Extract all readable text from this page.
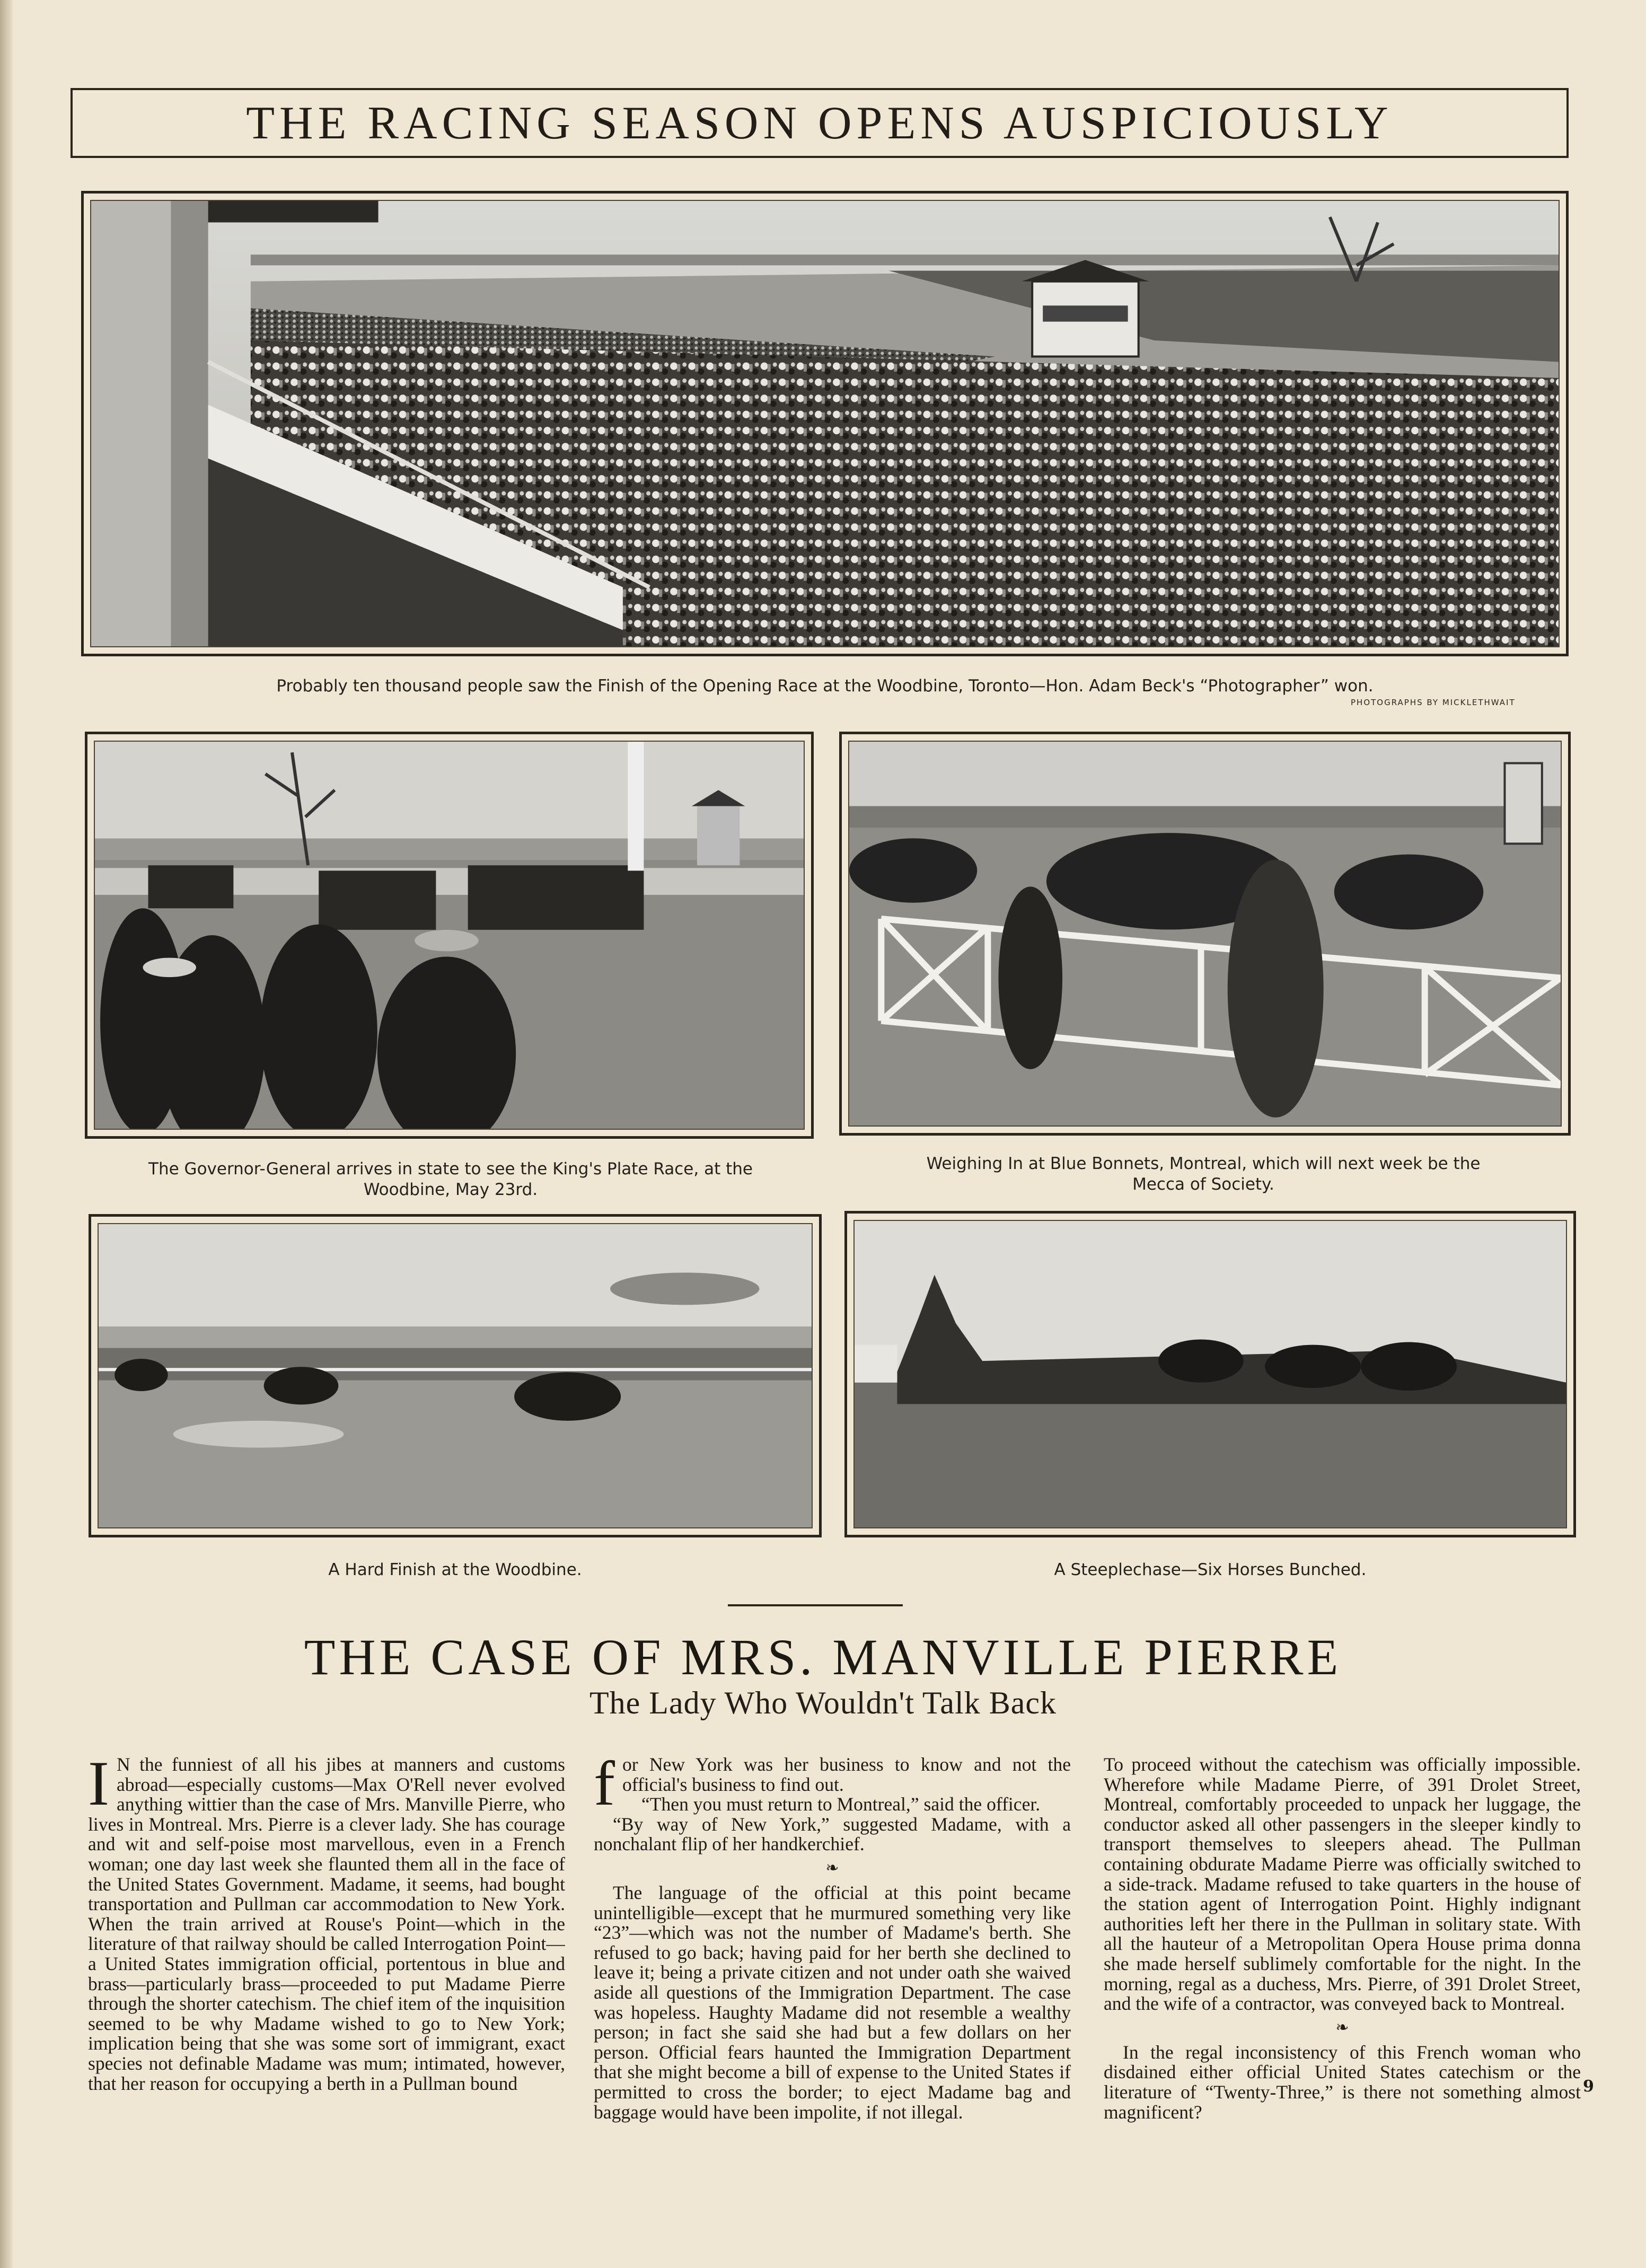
THE RACING SEASON OPENS AUSPICIOUSLY
Probably ten thousand people saw the Finish of the Opening Race at the Woodbine, Toronto—Hon. Adam Beck's “Photographer” won.
PHOTOGRAPHS BY MICKLETHWAIT
The Governor-General arrives in state to see the King's Plate Race, at the Woodbine, May 23rd.
Weighing In at Blue Bonnets, Montreal, which will next week be the Mecca of Society.
A Hard Finish at the Woodbine.	A Steeplechase—Six Horses Bunched.
THE CASE OF MRS. MANVILLE PIERRE
The Lady Who Wouldn't Talk Back

IN the funniest of all his jibes at manners and customs abroad—especially customs—Max O'Rell never evolved anything wittier than the case of Mrs. Manville Pierre, who lives in Montreal. Mrs. Pierre is a clever lady. She has courage and wit and self-poise most marvellous, even in a French woman; one day last week she flaunted them all in the face of the United States Government. Madame, it seems, had bought transportation and Pullman car accommodation to New York. When the train arrived at Rouse's Point—which in the literature of that railway should be called Interrogation Point—a United States immigration official, portentous in blue and brass—particularly brass—proceeded to put Madame Pierre through the shorter catechism. The chief item of the inquisition seemed to be why Madame wished to go to New York; implication being that she was some sort of immigrant, exact species not definable Madame was mum; intimated, however, that her reason for occupying a berth in a Pullman bound

for New York was her business to know and not the official's business to find out.

“Then you must return to Montreal,” said the officer.

“By way of New York,” suggested Madame, with a nonchalant flip of her handkerchief.

❧

The language of the official at this point became unintelligible—except that he murmured something very like “23”—which was not the number of Madame's berth. She refused to go back; having paid for her berth she declined to leave it; being a private citizen and not under oath she waived aside all questions of the Immigration Department. The case was hopeless. Haughty Madame did not resemble a wealthy person; in fact she said she had but a few dollars on her person. Official fears haunted the Immigration Department that she might become a bill of expense to the United States if permitted to cross the border; to eject Madame bag and baggage would have been impolite, if not illegal.

To proceed without the catechism was officially impossible. Wherefore while Madame Pierre, of 391 Drolet Street, Montreal, comfortably proceeded to unpack her luggage, the conductor asked all other passengers in the sleeper kindly to transport themselves to sleepers ahead. The Pullman containing obdurate Madame Pierre was officially switched to a side-track. Madame refused to take quarters in the house of the station agent of Interrogation Point. Highly indignant authorities left her there in the Pullman in solitary state. With all the hauteur of a Metropolitan Opera House prima donna she made herself sublimely comfortable for the night. In the morning, regal as a duchess, Mrs. Pierre, of 391 Drolet Street, and the wife of a contractor, was conveyed back to Montreal.

❧

In the regal inconsistency of this French woman who disdained either official United States catechism or the literature of “Twenty-Three,” is there not something almost magnificent?

9
